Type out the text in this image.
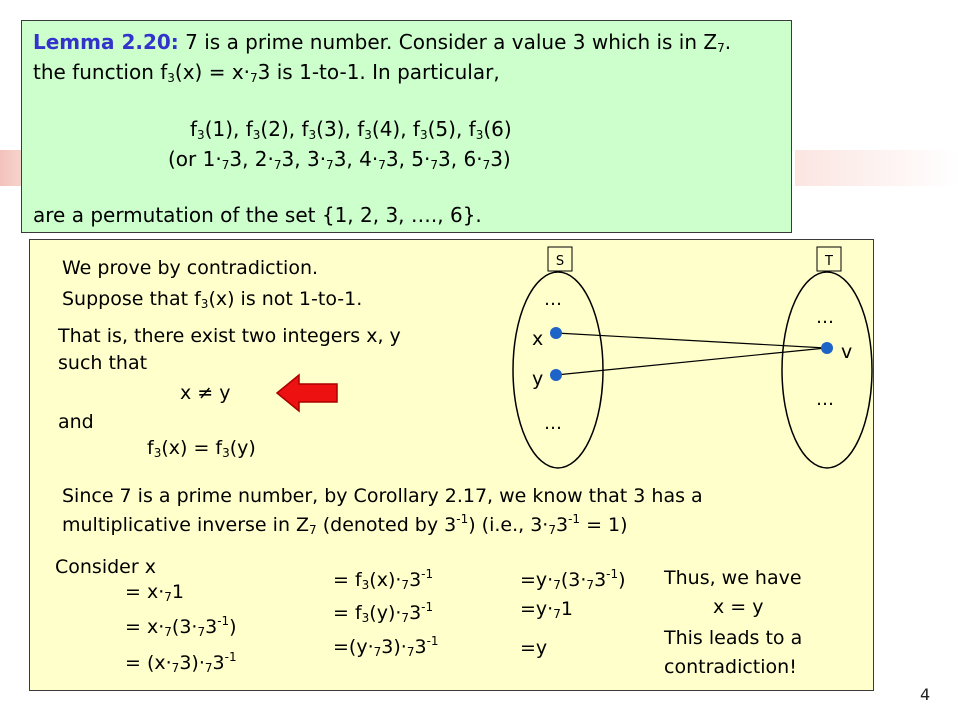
Lemma 2.20: 7 is a prime number. Consider a value 3 which is in $Z_7$.
the function $f_3(x) = x\cdot_73$ is 1-to-1. In particular,
$f_3(1)$, $f_3(2)$, $f_3(3)$, $f_3(4)$, $f_3(5)$, $f_3(6)$
(or $1\cdot_73$, $2\cdot_73$, $3\cdot_73$, $4\cdot_73$, $5\cdot_73$, $6\cdot_73$)
are a permutation of the set {1, 2, 3, …., 6}.
We prove by contradiction.
Suppose that $f_3(x)$ is not 1-to-1.
That is, there exist two integers x, y
such that
x ≠ y
and
$f_3(x) = f_3(y)$
S	T
…
…
…
…
x
y
v
Since 7 is a prime number, by Corollary 2.17, we know that 3 has a
multiplicative inverse in $Z_7$ (denoted by $3^{-1}$) (i.e., $3\cdot_73^{-1} = 1$)
Consider x
= $x\cdot_71$
= $x\cdot_7(3\cdot_73^{-1})$
= $(x\cdot_73)\cdot_73^{-1}$
= $f_3(x)\cdot_73^{-1}$
= $f_3(y)\cdot_73^{-1}$
$=(y\cdot_73)\cdot_73^{-1}$
$=y\cdot_7(3\cdot_73^{-1})$
$=y\cdot_71$
=y
Thus, we have
x = y
This leads to a
contradiction!
4
